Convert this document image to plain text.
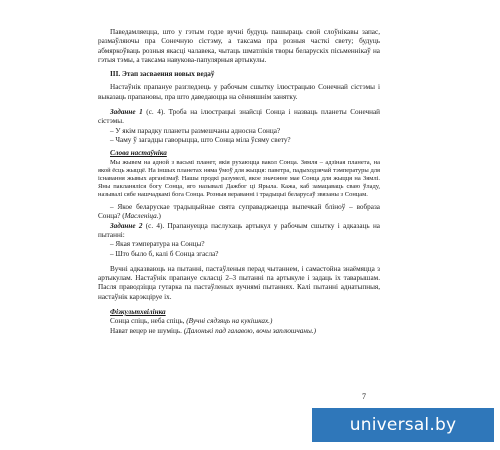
Паведамляецца, што у гэтым годзе вучні будуць пашыраць свой слоўнікавы запас, размаўляючы пра Сонечную сістэму, а таксама пра розныя часткі свету; будуць абмяркоўваць розныя якасці чалавека, чытаць шматлікія творы беларускіх пісьменнікаў на гэтыя тэмы, а таксама навукова-папулярныя артыкулы.

III. Этап засваення новых ведаў

Настаўнік прапануе разгледзець у рабочым сшытку ілюстрацыю Сонечнай сістэмы і выказаць прапановы, пра што даведаюцца на сённяшнім занятку.

Заданне 1 (с. 4). Троба на ілюстрацыі знайсці Сонца і назваць планеты Сонечнай сістэмы.

– У якім парадку планеты размешчаны адносна Сонца?

– Чаму ў загадцы гаворыцца, што Сонца міла ўсяму свету?

Слова настаўніка

Мы жывем на адной з васьмі планет, якія рухаюцца вакол Сонца. Зямля – адзіная планета, на якой ёсць жыццё. На іншых планетах няма ўмоў для жыцця: паветра, падыходзячай тэмпературы для існавання жывых арганізмаў. Нашы продкі разумелі, якое значэнне мае Сонца для жыцця на Зямлі. Яны пакланяліся богу Сонца, яго называлі Дажбог ці Ярыла. Кажа, каб замацаваць сваю ўладу, называлі сябе нашчадкамі бога Сонца. Розныя вераванні і традыцыі беларусаў звязаны з Сонцам.

– Якое беларускае традыцыйнае свята суправаджаецца выпечкай бліноў – вобраза Сонца? (Масленіца.)

Заданне 2 (с. 4). Прапануецца паслухаць артыкул у рабочым сшытку і адказаць на пытанні:

– Якая тэмпература на Сонцы?

– Што было б, калі б Сонца згасла?

Вучні адказваюць на пытанні, пастаўленыя перад чытаннем, і самастойна знаёмяцца з артыкулам. Настаўнік прапануе скласці 2–3 пытанні па артыкуле і задаць іх таварышам. Пасля праводзіцца гутарка па пастаўленых вучнямі пытаннях. Калі пытанні аднатыпныя, настаўнік карэкціруе іх.

Фізкультхвілінка

Сонца спіць, неба спіць, (Вучні сядзяць на кукішках.)

Нават вецер не шуміць. (Далонькі пад галавою, вочы заплюшчаны.)

7
universal.by
